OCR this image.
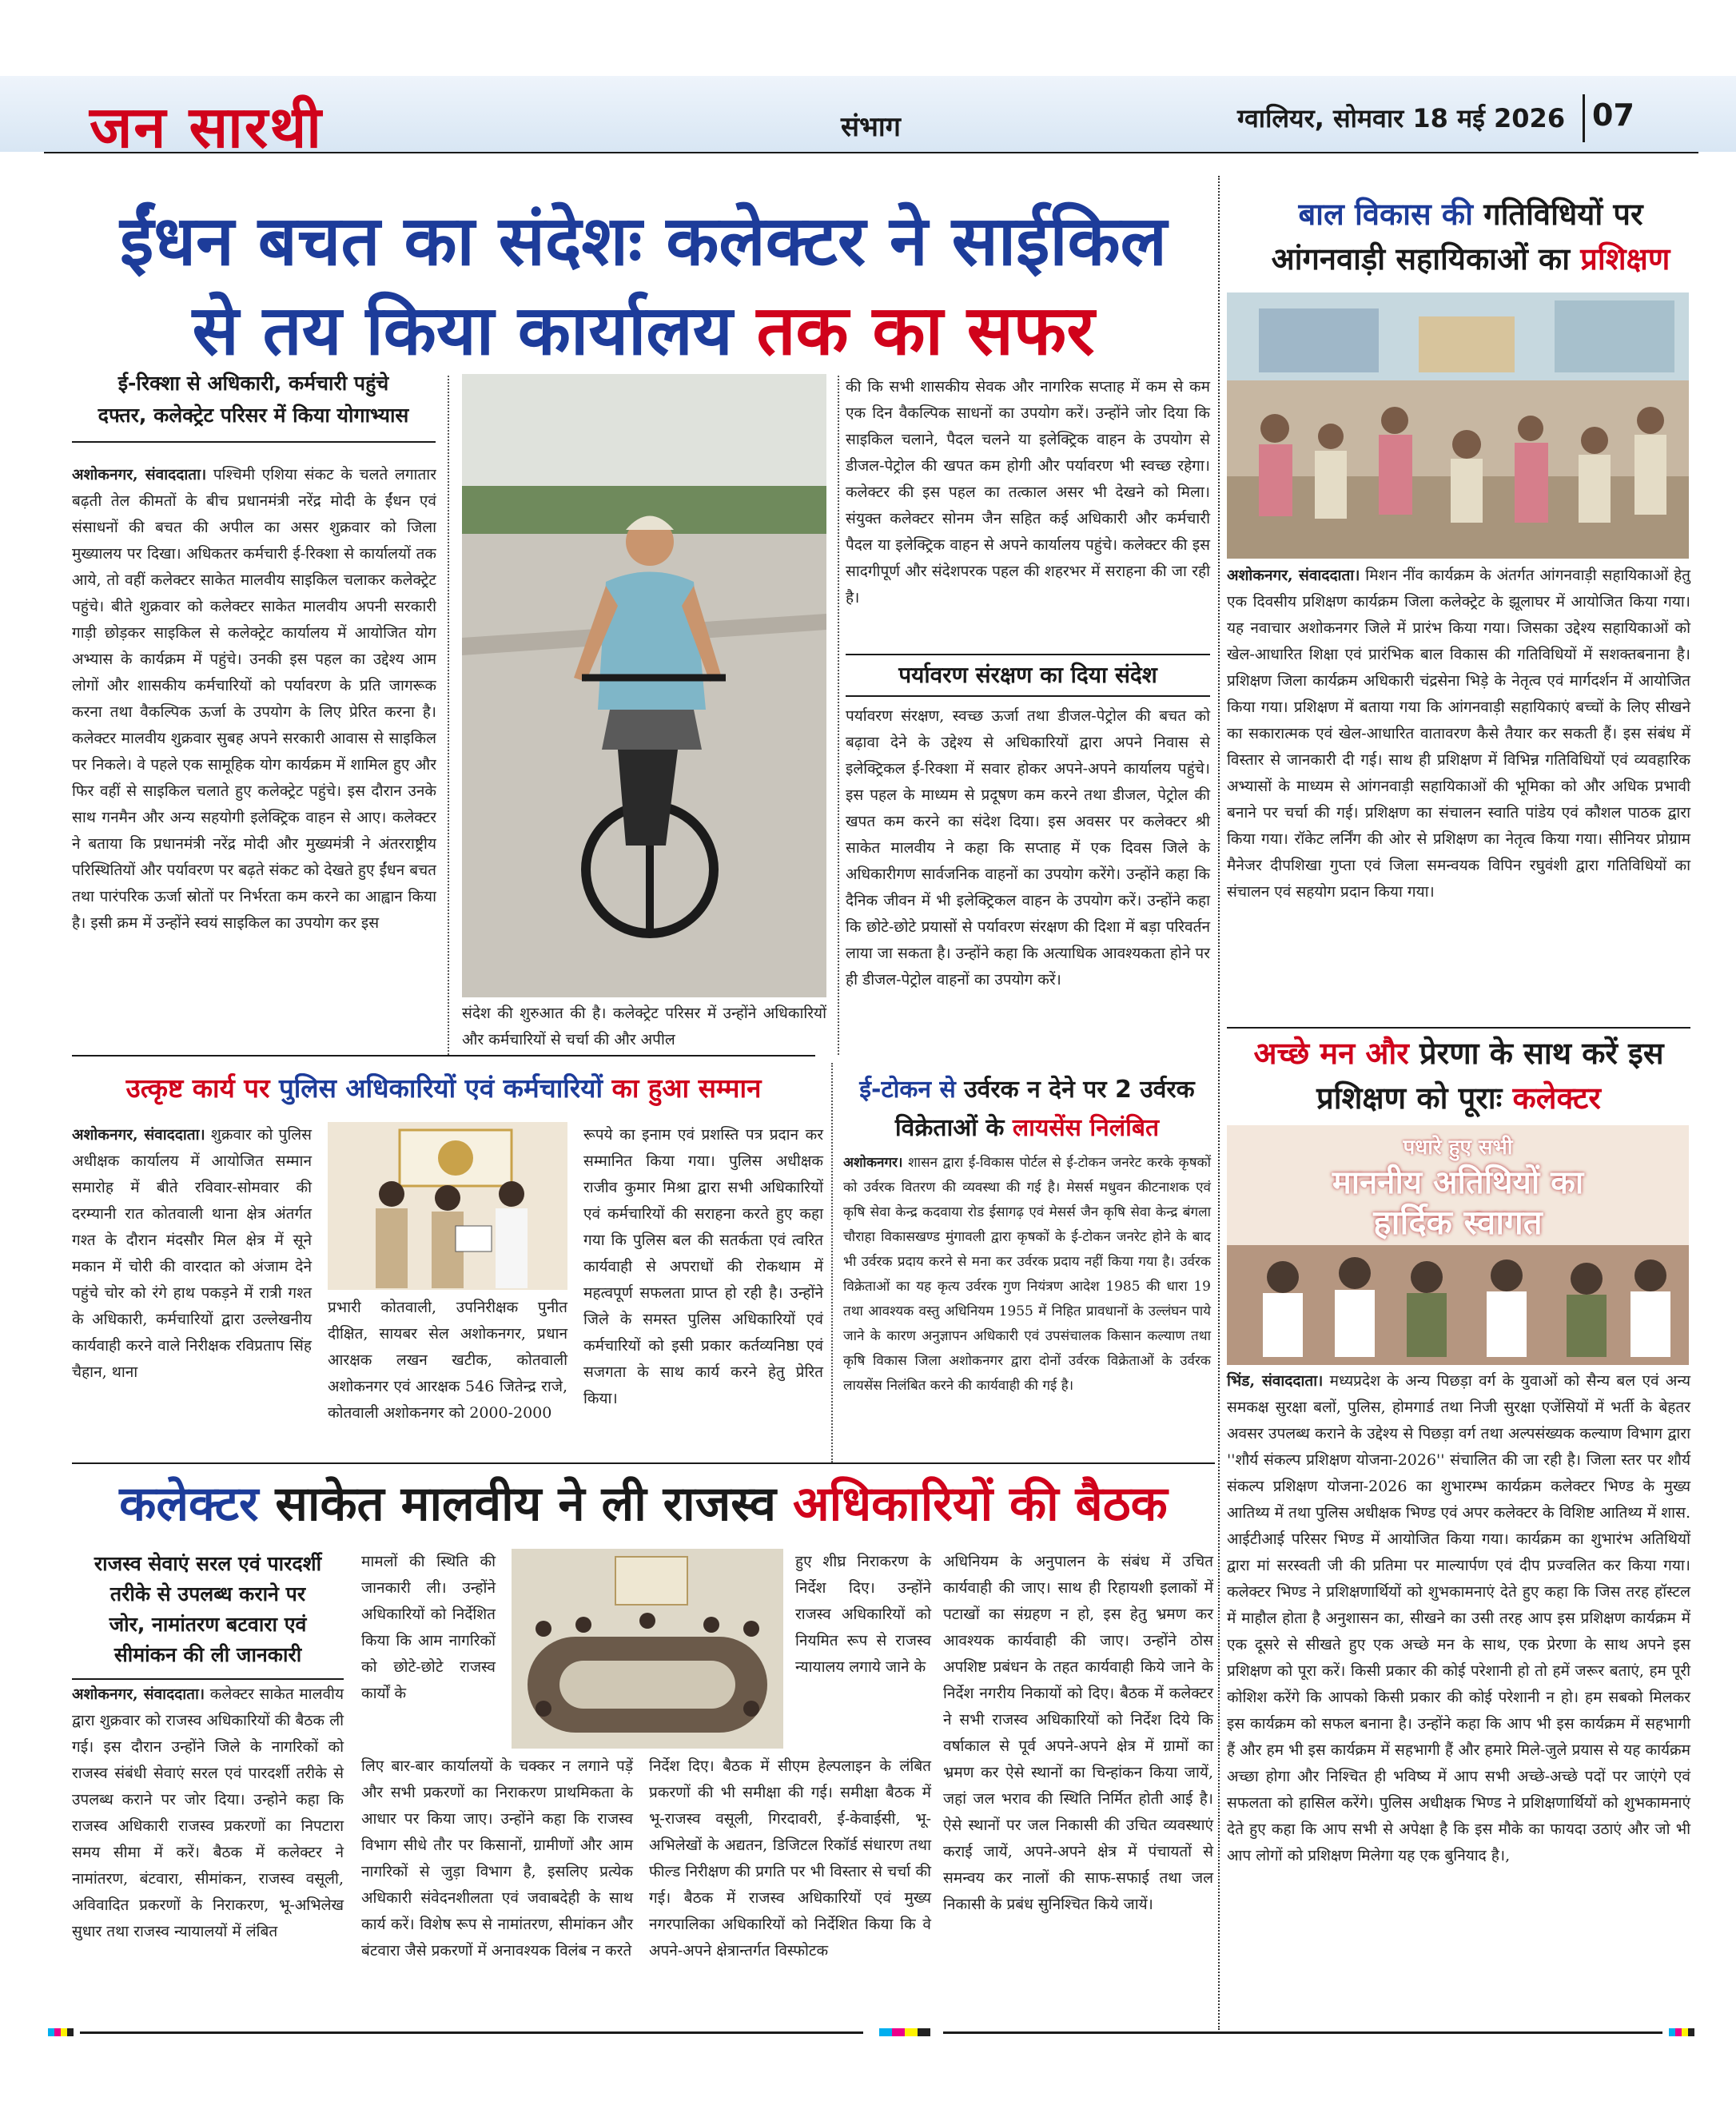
जन सारथी	संभाग	ग्वालियर, सोमवार 18 मई 2026 07
ईंधन बचत का संदेशः कलेक्टर ने साईकिल
से तय किया कार्यालय तक का सफर
ई-रिक्शा से अधिकारी, कर्मचारी पहुंचे
दफ्तर, कलेक्ट्रेट परिसर में किया योगाभ्यास
अशोकनगर, संवाददाता। पश्चिमी एशिया संकट के चलते लगातार बढ़ती तेल कीमतों के बीच प्रधानमंत्री नरेंद्र मोदी के ईंधन एवं संसाधनों की बचत की अपील का असर शुक्रवार को जिला मुख्यालय पर दिखा। अधिकतर कर्मचारी ई-रिक्शा से कार्यालयों तक आये, तो वहीं कलेक्टर साकेत मालवीय साइकिल चलाकर कलेक्ट्रेट पहुंचे। बीते शुक्रवार को कलेक्टर साकेत मालवीय अपनी सरकारी गाड़ी छोड़कर साइकिल से कलेक्ट्रेट कार्यालय में आयोजित योग अभ्यास के कार्यक्रम में पहुंचे। उनकी इस पहल का उद्देश्य आम लोगों और शासकीय कर्मचारियों को पर्यावरण के प्रति जागरूक करना तथा वैकल्पिक ऊर्जा के उपयोग के लिए प्रेरित करना है। कलेक्टर मालवीय शुक्रवार सुबह अपने सरकारी आवास से साइकिल पर निकले। वे पहले एक सामूहिक योग कार्यक्रम में शामिल हुए और फिर वहीं से साइकिल चलाते हुए कलेक्ट्रेट पहुंचे। इस दौरान उनके साथ गनमैन और अन्य सहयोगी इलेक्ट्रिक वाहन से आए। कलेक्टर ने बताया कि प्रधानमंत्री नरेंद्र मोदी और मुख्यमंत्री ने अंतरराष्ट्रीय परिस्थितियों और पर्यावरण पर बढ़ते संकट को देखते हुए ईंधन बचत तथा पारंपरिक ऊर्जा स्रोतों पर निर्भरता कम करने का आह्वान किया है। इसी क्रम में उन्होंने स्वयं साइकिल का उपयोग कर इस
संदेश की शुरुआत की है। कलेक्ट्रेट परिसर में उन्होंने अधिकारियों और कर्मचारियों से चर्चा की और अपील
की कि सभी शासकीय सेवक और नागरिक सप्ताह में कम से कम एक दिन वैकल्पिक साधनों का उपयोग करें। उन्होंने जोर दिया कि साइकिल चलाने, पैदल चलने या इलेक्ट्रिक वाहन के उपयोग से डीजल-पेट्रोल की खपत कम होगी और पर्यावरण भी स्वच्छ रहेगा। कलेक्टर की इस पहल का तत्काल असर भी देखने को मिला। संयुक्त कलेक्टर सोनम जैन सहित कई अधिकारी और कर्मचारी पैदल या इलेक्ट्रिक वाहन से अपने कार्यालय पहुंचे। कलेक्टर की इस सादगीपूर्ण और संदेशपरक पहल की शहरभर में सराहना की जा रही है।
पर्यावरण संरक्षण का दिया संदेश
पर्यावरण संरक्षण, स्वच्छ ऊर्जा तथा डीजल-पेट्रोल की बचत को बढ़ावा देने के उद्देश्य से अधिकारियों द्वारा अपने निवास से इलेक्ट्रिकल ई-रिक्शा में सवार होकर अपने-अपने कार्यालय पहुंचे। इस पहल के माध्यम से प्रदूषण कम करने तथा डीजल, पेट्रोल की खपत कम करने का संदेश दिया। इस अवसर पर कलेक्टर श्री साकेत मालवीय ने कहा कि सप्ताह में एक दिवस जिले के अधिकारीगण सार्वजनिक वाहनों का उपयोग करेंगे। उन्होंने कहा कि दैनिक जीवन में भी इलेक्ट्रिकल वाहन के उपयोग करें। उन्होंने कहा कि छोटे-छोटे प्रयासों से पर्यावरण संरक्षण की दिशा में बड़ा परिवर्तन लाया जा सकता है। उन्होंने कहा कि अत्याधिक आवश्यकता होने पर ही डीजल-पेट्रोल वाहनों का उपयोग करें।
बाल विकास की गतिविधियों पर
आंगनवाड़ी सहायिकाओं का प्रशिक्षण
अशोकनगर, संवाददाता। मिशन नींव कार्यक्रम के अंतर्गत आंगनवाड़ी सहायिकाओं हेतु एक दिवसीय प्रशिक्षण कार्यक्रम जिला कलेक्ट्रेट के झूलाघर में आयोजित किया गया। यह नवाचार अशोकनगर जिले में प्रारंभ किया गया। जिसका उद्देश्य सहायिकाओं को खेल-आधारित शिक्षा एवं प्रारंभिक बाल विकास की गतिविधियों में सशक्तबनाना है। प्रशिक्षण जिला कार्यक्रम अधिकारी चंद्रसेना भिड़े के नेतृत्व एवं मार्गदर्शन में आयोजित किया गया। प्रशिक्षण में बताया गया कि आंगनवाड़ी सहायिकाएं बच्चों के लिए सीखने का सकारात्मक एवं खेल-आधारित वातावरण कैसे तैयार कर सकती हैं। इस संबंध में विस्तार से जानकारी दी गई। साथ ही प्रशिक्षण में विभिन्न गतिविधियों एवं व्यवहारिक अभ्यासों के माध्यम से आंगनवाड़ी सहायिकाओं की भूमिका को और अधिक प्रभावी बनाने पर चर्चा की गई। प्रशिक्षण का संचालन स्वाति पांडेय एवं कौशल पाठक द्वारा किया गया। रॉकेट लर्निंग की ओर से प्रशिक्षण का नेतृत्व किया गया। सीनियर प्रोग्राम मैनेजर दीपशिखा गुप्ता एवं जिला समन्वयक विपिन रघुवंशी द्वारा गतिविधियों का संचालन एवं सहयोग प्रदान किया गया।
अच्छे मन और प्रेरणा के साथ करें इस
प्रशिक्षण को पूराः कलेक्टर
पधारे हुए सभी
माननीय अतिथियों का
हार्दिक स्वागत
भिंड, संवाददाता। मध्यप्रदेश के अन्य पिछड़ा वर्ग के युवाओं को सैन्य बल एवं अन्य समकक्ष सुरक्षा बलों, पुलिस, होमगार्ड तथा निजी सुरक्षा एजेंसियों में भर्ती के बेहतर अवसर उपलब्ध कराने के उद्देश्य से पिछड़ा वर्ग तथा अल्पसंख्यक कल्याण विभाग द्वारा ''शौर्य संकल्प प्रशिक्षण योजना-2026'' संचालित की जा रही है। जिला स्तर पर शौर्य संकल्प प्रशिक्षण योजना-2026 का शुभारम्भ कार्यक्रम कलेक्टर भिण्ड के मुख्य आतिथ्य में तथा पुलिस अधीक्षक भिण्ड एवं अपर कलेक्टर के विशिष्ट आतिथ्य में शास. आईटीआई परिसर भिण्ड में आयोजित किया गया। कार्यक्रम का शुभारंभ अतिथियों द्वारा मां सरस्वती जी की प्रतिमा पर माल्यार्पण एवं दीप प्रज्वलित कर किया गया। कलेक्टर भिण्ड ने प्रशिक्षणार्थियों को शुभकामनाएं देते हुए कहा कि जिस तरह हॉस्टल में माहौल होता है अनुशासन का, सीखने का उसी तरह आप इस प्रशिक्षण कार्यक्रम में एक दूसरे से सीखते हुए एक अच्छे मन के साथ, एक प्रेरणा के साथ अपने इस प्रशिक्षण को पूरा करें। किसी प्रकार की कोई परेशानी हो तो हमें जरूर बताएं, हम पूरी कोशिश करेंगे कि आपको किसी प्रकार की कोई परेशानी न हो। हम सबको मिलकर इस कार्यक्रम को सफल बनाना है। उन्होंने कहा कि आप भी इस कार्यक्रम में सहभागी हैं और हम भी इस कार्यक्रम में सहभागी हैं और हमारे मिले-जुले प्रयास से यह कार्यक्रम अच्छा होगा और निश्चित ही भविष्य में आप सभी अच्छे-अच्छे पदों पर जाएंगे एवं सफलता को हासिल करेंगे। पुलिस अधीक्षक भिण्ड ने प्रशिक्षणार्थियों को शुभकामनाएं देते हुए कहा कि आप सभी से अपेक्षा है कि इस मौके का फायदा उठाएं और जो भी आप लोगों को प्रशिक्षण मिलेगा यह एक बुनियाद है।,
उत्कृष्ट कार्य पर पुलिस अधिकारियों एवं कर्मचारियों का हुआ सम्मान
अशोकनगर, संवाददाता। शुक्रवार को पुलिस अधीक्षक कार्यालय में आयोजित सम्मान समारोह में बीते रविवार-सोमवार की दरम्यानी रात कोतवाली थाना क्षेत्र अंतर्गत गश्त के दौरान मंदसौर मिल क्षेत्र में सूने मकान में चोरी की वारदात को अंजाम देने पहुंचे चोर को रंगे हाथ पकड़ने में रात्री गश्त के अधिकारी, कर्मचारियों द्वारा उल्लेखनीय कार्यवाही करने वाले निरीक्षक रविप्रताप सिंह चैहान, थाना
प्रभारी कोतवाली, उपनिरीक्षक पुनीत दीक्षित, सायबर सेल अशोकनगर, प्रधान आरक्षक लखन खटीक, कोतवाली अशोकनगर एवं आरक्षक 546 जितेन्द्र राजे, कोतवाली अशोकनगर को 2000-2000
रूपये का इनाम एवं प्रशस्ति पत्र प्रदान कर सम्मानित किया गया। पुलिस अधीक्षक राजीव कुमार मिश्रा द्वारा सभी अधिकारियों एवं कर्मचारियों की सराहना करते हुए कहा गया कि पुलिस बल की सतर्कता एवं त्वरित कार्यवाही से अपराधों की रोकथाम में महत्वपूर्ण सफलता प्राप्त हो रही है। उन्होंने जिले के समस्त पुलिस अधिकारियों एवं कर्मचारियों को इसी प्रकार कर्तव्यनिष्ठा एवं सजगता के साथ कार्य करने हेतु प्रेरित किया।
ई-टोकन से उर्वरक न देने पर 2 उर्वरक
विक्रेताओं के लायसेंस निलंबित
अशोकनगर। शासन द्वारा ई-विकास पोर्टल से ई-टोकन जनरेट करके कृषकों को उर्वरक वितरण की व्यवस्था की गई है। मेसर्स मधुवन कीटनाशक एवं कृषि सेवा केन्द्र कदवाया रोड ईसागढ़ एवं मेसर्स जैन कृषि सेवा केन्द्र बंगला चौराहा विकासखण्ड मुंगावली द्वारा कृषकों के ई-टोकन जनरेट होने के बाद भी उर्वरक प्रदाय करने से मना कर उर्वरक प्रदाय नहीं किया गया है। उर्वरक विक्रेताओं का यह कृत्य उर्वरक गुण नियंत्रण आदेश 1985 की धारा 19 तथा आवश्यक वस्तु अधिनियम 1955 में निहित प्रावधानों के उल्लंघन पाये जाने के कारण अनुज्ञापन अधिकारी एवं उपसंचालक किसान कल्याण तथा कृषि विकास जिला अशोकनगर द्वारा दोनों उर्वरक विक्रेताओं के उर्वरक लायसेंस निलंबित करने की कार्यवाही की गई है।
कलेक्टर साकेत मालवीय ने ली राजस्व अधिकारियों की बैठक
राजस्व सेवाएं सरल एवं पारदर्शी
तरीके से उपलब्ध कराने पर
जोर, नामांतरण बटवारा एवं
सीमांकन की ली जानकारी
अशोकनगर, संवाददाता। कलेक्टर साकेत मालवीय द्वारा शुक्रवार को राजस्व अधिकारियों की बैठक ली गई। इस दौरान उन्होंने जिले के नागरिकों को राजस्व संबंधी सेवाएं सरल एवं पारदर्शी तरीके से उपलब्ध कराने पर जोर दिया। उन्होने कहा कि राजस्व अधिकारी राजस्व प्रकरणों का निपटारा समय सीमा में करें। बैठक में कलेक्टर ने नामांतरण, बंटवारा, सीमांकन, राजस्व वसूली, अविवादित प्रकरणों के निराकरण, भू-अभिलेख सुधार तथा राजस्व न्यायालयों में लंबित
मामलों की स्थिति की जानकारी ली। उन्होंने अधिकारियों को निर्देशित किया कि आम नागरिकों को छोटे-छोटे राजस्व कार्यों के
लिए बार-बार कार्यालयों के चक्कर न लगाने पड़ें और सभी प्रकरणों का निराकरण प्राथमिकता के आधार पर किया जाए। उन्होंने कहा कि राजस्व विभाग सीधे तौर पर किसानों, ग्रामीणों और आम नागरिकों से जुड़ा विभाग है, इसलिए प्रत्येक अधिकारी संवेदनशीलता एवं जवाबदेही के साथ कार्य करें। विशेष रूप से नामांतरण, सीमांकन और बंटवारा जैसे प्रकरणों में अनावश्यक विलंब न करते
हुए शीघ्र निराकरण के निर्देश दिए। उन्होंने राजस्व अधिकारियों को नियमित रूप से राजस्व न्यायालय लगाये जाने के
निर्देश दिए। बैठक में सीएम हेल्पलाइन के लंबित प्रकरणों की भी समीक्षा की गई। समीक्षा बैठक में भू-राजस्व वसूली, गिरदावरी, ई-केवाईसी, भू-अभिलेखों के अद्यतन, डिजिटल रिकॉर्ड संधारण तथा फील्ड निरीक्षण की प्रगति पर भी विस्तार से चर्चा की गई। बैठक में राजस्व अधिकारियों एवं मुख्य नगरपालिका अधिकारियों को निर्देशित किया कि वे अपने-अपने क्षेत्रान्तर्गत विस्फोटक
अधिनियम के अनुपालन के संबंध में उचित कार्यवाही की जाए। साथ ही रिहायशी इलाकों में पटाखों का संग्रहण न हो, इस हेतु भ्रमण कर आवश्यक कार्यवाही की जाए। उन्होंने ठोस अपशिष्ट प्रबंधन के तहत कार्यवाही किये जाने के निर्देश नगरीय निकायों को दिए। बैठक में कलेक्टर ने सभी राजस्व अधिकारियों को निर्देश दिये कि वर्षाकाल से पूर्व अपने-अपने क्षेत्र में ग्रामों का भ्रमण कर ऐसे स्थानों का चिन्हांकन किया जायें, जहां जल भराव की स्थिति निर्मित होती आई है। ऐसे स्थानों पर जल निकासी की उचित व्यवस्थाएं कराई जायें, अपने-अपने क्षेत्र में पंचायतों से समन्वय कर नालों की साफ-सफाई तथा जल निकासी के प्रबंध सुनिश्चित किये जायें।
